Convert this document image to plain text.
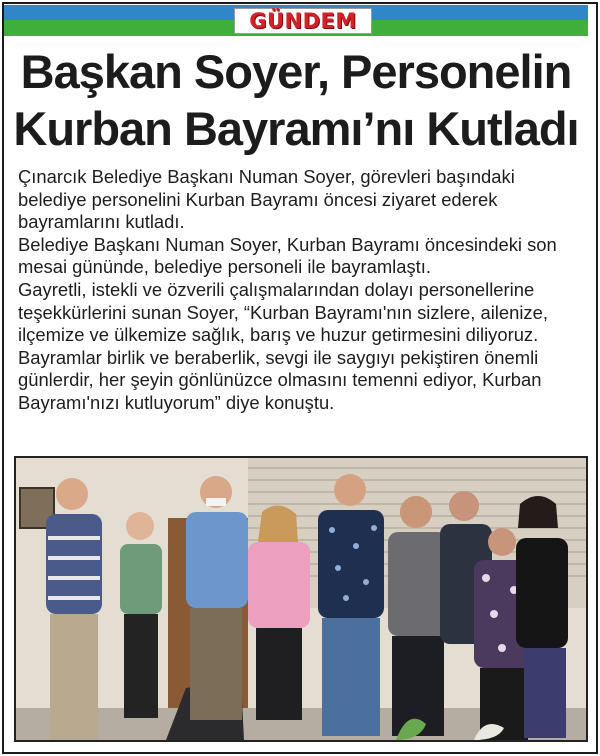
GÜNDEM
Başkan Soyer, Personelin
Kurban Bayramı’nı Kutladı

Çınarcık Belediye Başkanı Numan Soyer, görevleri başındaki belediye personelini Kurban Bayramı öncesi ziyaret ederek bayramlarını kutladı.

Belediye Başkanı Numan Soyer, Kurban Bayramı öncesindeki son mesai gününde, belediye personeli ile bayramlaştı.

Gayretli, istekli ve özverili çalışmalarından dolayı personellerine teşekkürlerini sunan Soyer, “Kurban Bayramı'nın sizlere, ailenize, ilçemize ve ülkemize sağlık, barış ve huzur getirmesini diliyoruz. Bayramlar birlik ve beraberlik, sevgi ile saygıyı pekiştiren önemli günlerdir, her şeyin gönlünüzce olmasını temenni ediyor, Kurban Bayramı'nızı kutluyorum” diye konuştu.
